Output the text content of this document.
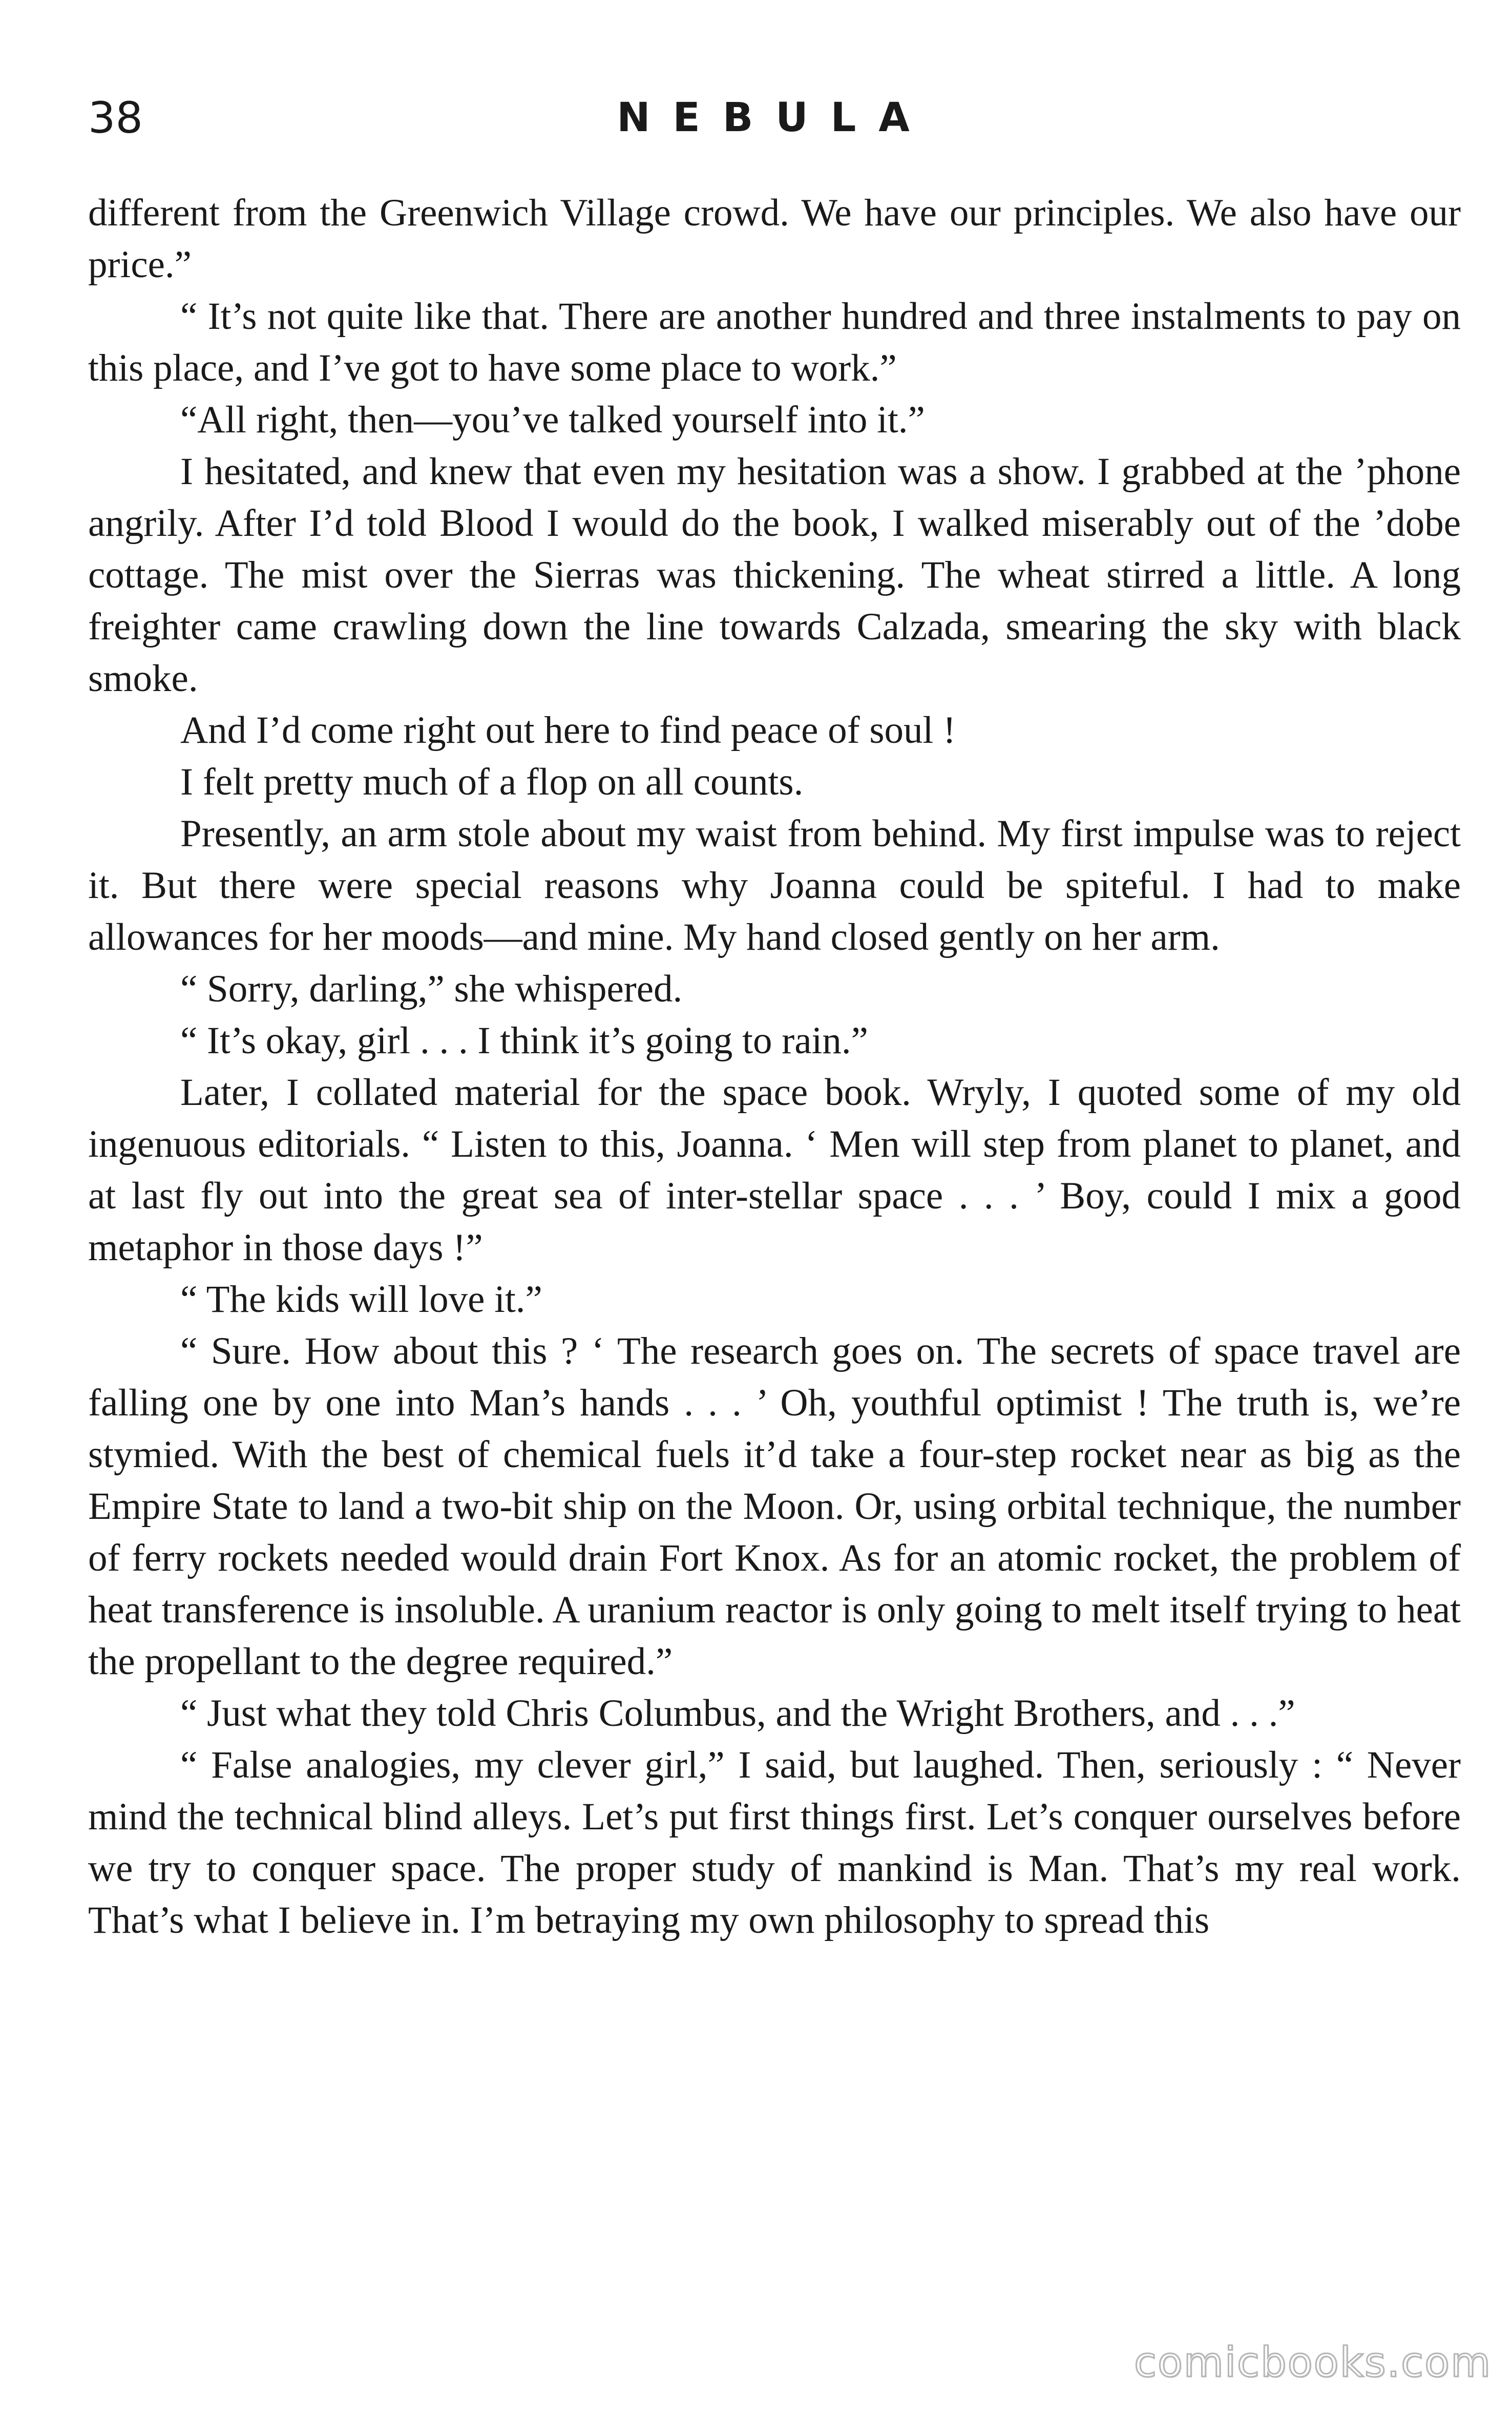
38	NEBULA

different from the Greenwich Village crowd. We have our principles. We also have our price.”

“ It’s not quite like that. There are another hundred and three instalments to pay on this place, and I’ve got to have some place to work.”

“All right, then—you’ve talked yourself into it.”

I hesitated, and knew that even my hesitation was a show. I grabbed at the ’phone angrily. After I’d told Blood I would do the book, I walked miserably out of the ’dobe cottage. The mist over the Sierras was thickening. The wheat stirred a little. A long freighter came crawling down the line towards Calzada, smearing the sky with black smoke.

And I’d come right out here to find peace of soul !

I felt pretty much of a flop on all counts.

Presently, an arm stole about my waist from behind. My first impulse was to reject it. But there were special reasons why Joanna could be spiteful. I had to make allowances for her moods—and mine. My hand closed gently on her arm.

“ Sorry, darling,” she whispered.

“ It’s okay, girl . . . I think it’s going to rain.”

Later, I collated material for the space book. Wryly, I quoted some of my old ingenuous editorials. “ Listen to this, Joanna. ‘ Men will step from planet to planet, and at last fly out into the great sea of inter-stellar space . . . ’ Boy, could I mix a good metaphor in those days !”

“ The kids will love it.”

“ Sure. How about this ? ‘ The research goes on. The secrets of space travel are falling one by one into Man’s hands . . . ’ Oh, youthful optimist ! The truth is, we’re stymied. With the best of chemical fuels it’d take a four-step rocket near as big as the Empire State to land a two-bit ship on the Moon. Or, using orbital technique, the number of ferry rockets needed would drain Fort Knox. As for an atomic rocket, the problem of heat transference is insoluble. A uranium reactor is only going to melt itself trying to heat the propellant to the degree required.”

“ Just what they told Chris Columbus, and the Wright Brothers, and . . .”

“ False analogies, my clever girl,” I said, but laughed. Then, seriously : “ Never mind the technical blind alleys. Let’s put first things first. Let’s conquer ourselves before we try to conquer space. The proper study of mankind is Man. That’s my real work. That’s what I believe in. I’m betraying my own philosophy to spread this

comicbooks.com
